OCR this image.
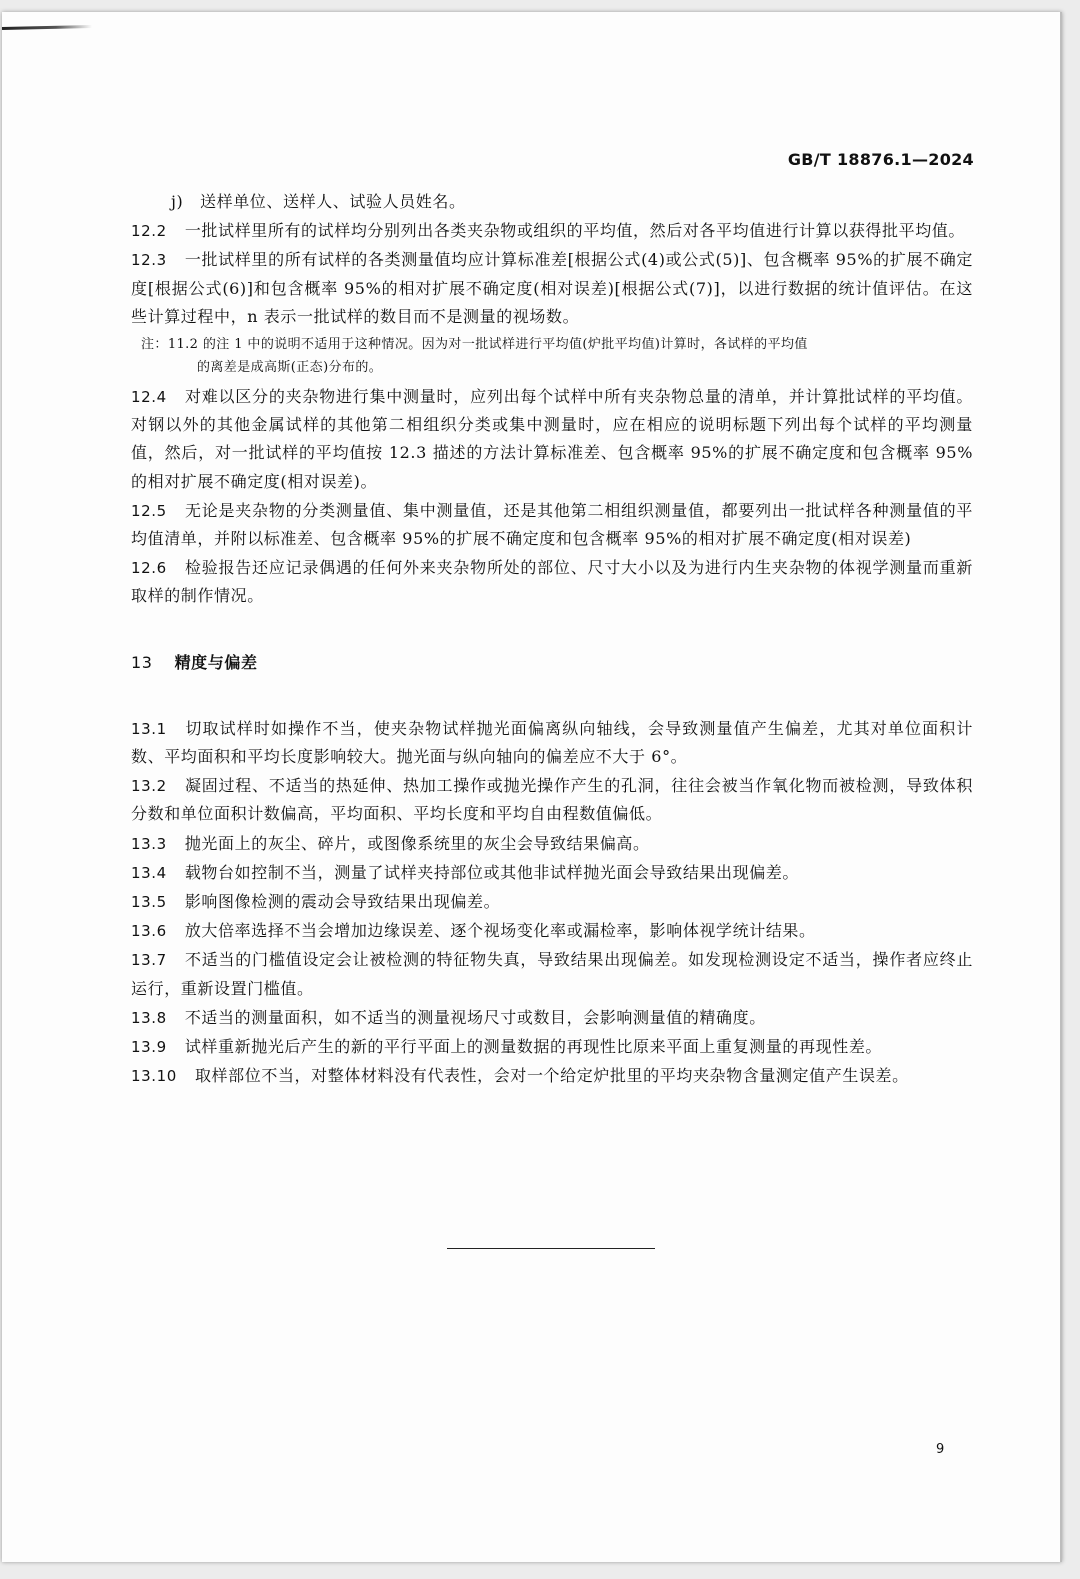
GB/T 18876.1—2024

j)　送样单位、送样人、试验人员姓名。

12.2 一批试样里所有的试样均分别列出各类夹杂物或组织的平均值，然后对各平均值进行计算以获得批平均值。

12.3 一批试样里的所有试样的各类测量值均应计算标准差[根据公式(4)或公式(5)]、包含概率 95%的扩展不确定度[根据公式(6)]和包含概率 95%的相对扩展不确定度(相对误差)[根据公式(7)]，以进行数据的统计值评估。在这些计算过程中，n 表示一批试样的数目而不是测量的视场数。

注：11.2 的注 1 中的说明不适用于这种情况。因为对一批试样进行平均值(炉批平均值)计算时，各试样的平均值
的离差是成高斯(正态)分布的。

12.4 对难以区分的夹杂物进行集中测量时，应列出每个试样中所有夹杂物总量的清单，并计算批试样的平均值。对钢以外的其他金属试样的其他第二相组织分类或集中测量时，应在相应的说明标题下列出每个试样的平均测量值，然后，对一批试样的平均值按 12.3 描述的方法计算标准差、包含概率 95%的扩展不确定度和包含概率 95%的相对扩展不确定度(相对误差)。

12.5 无论是夹杂物的分类测量值、集中测量值，还是其他第二相组织测量值，都要列出一批试样各种测量值的平均值清单，并附以标准差、包含概率 95%的扩展不确定度和包含概率 95%的相对扩展不确定度(相对误差)

12.6 检验报告还应记录偶遇的任何外来夹杂物所处的部位、尺寸大小以及为进行内生夹杂物的体视学测量而重新取样的制作情况。

13 精度与偏差

13.1 切取试样时如操作不当，使夹杂物试样抛光面偏离纵向轴线，会导致测量值产生偏差，尤其对单位面积计数、平均面积和平均长度影响较大。抛光面与纵向轴向的偏差应不大于 6°。

13.2 凝固过程、不适当的热延伸、热加工操作或抛光操作产生的孔洞，往往会被当作氧化物而被检测，导致体积分数和单位面积计数偏高，平均面积、平均长度和平均自由程数值偏低。

13.3 抛光面上的灰尘、碎片，或图像系统里的灰尘会导致结果偏高。

13.4 载物台如控制不当，测量了试样夹持部位或其他非试样抛光面会导致结果出现偏差。

13.5 影响图像检测的震动会导致结果出现偏差。

13.6 放大倍率选择不当会增加边缘误差、逐个视场变化率或漏检率，影响体视学统计结果。

13.7 不适当的门槛值设定会让被检测的特征物失真，导致结果出现偏差。如发现检测设定不适当，操作者应终止运行，重新设置门槛值。

13.8 不适当的测量面积，如不适当的测量视场尺寸或数目，会影响测量值的精确度。

13.9 试样重新抛光后产生的新的平行平面上的测量数据的再现性比原来平面上重复测量的再现性差。

13.10 取样部位不当，对整体材料没有代表性，会对一个给定炉批里的平均夹杂物含量测定值产生误差。

9
